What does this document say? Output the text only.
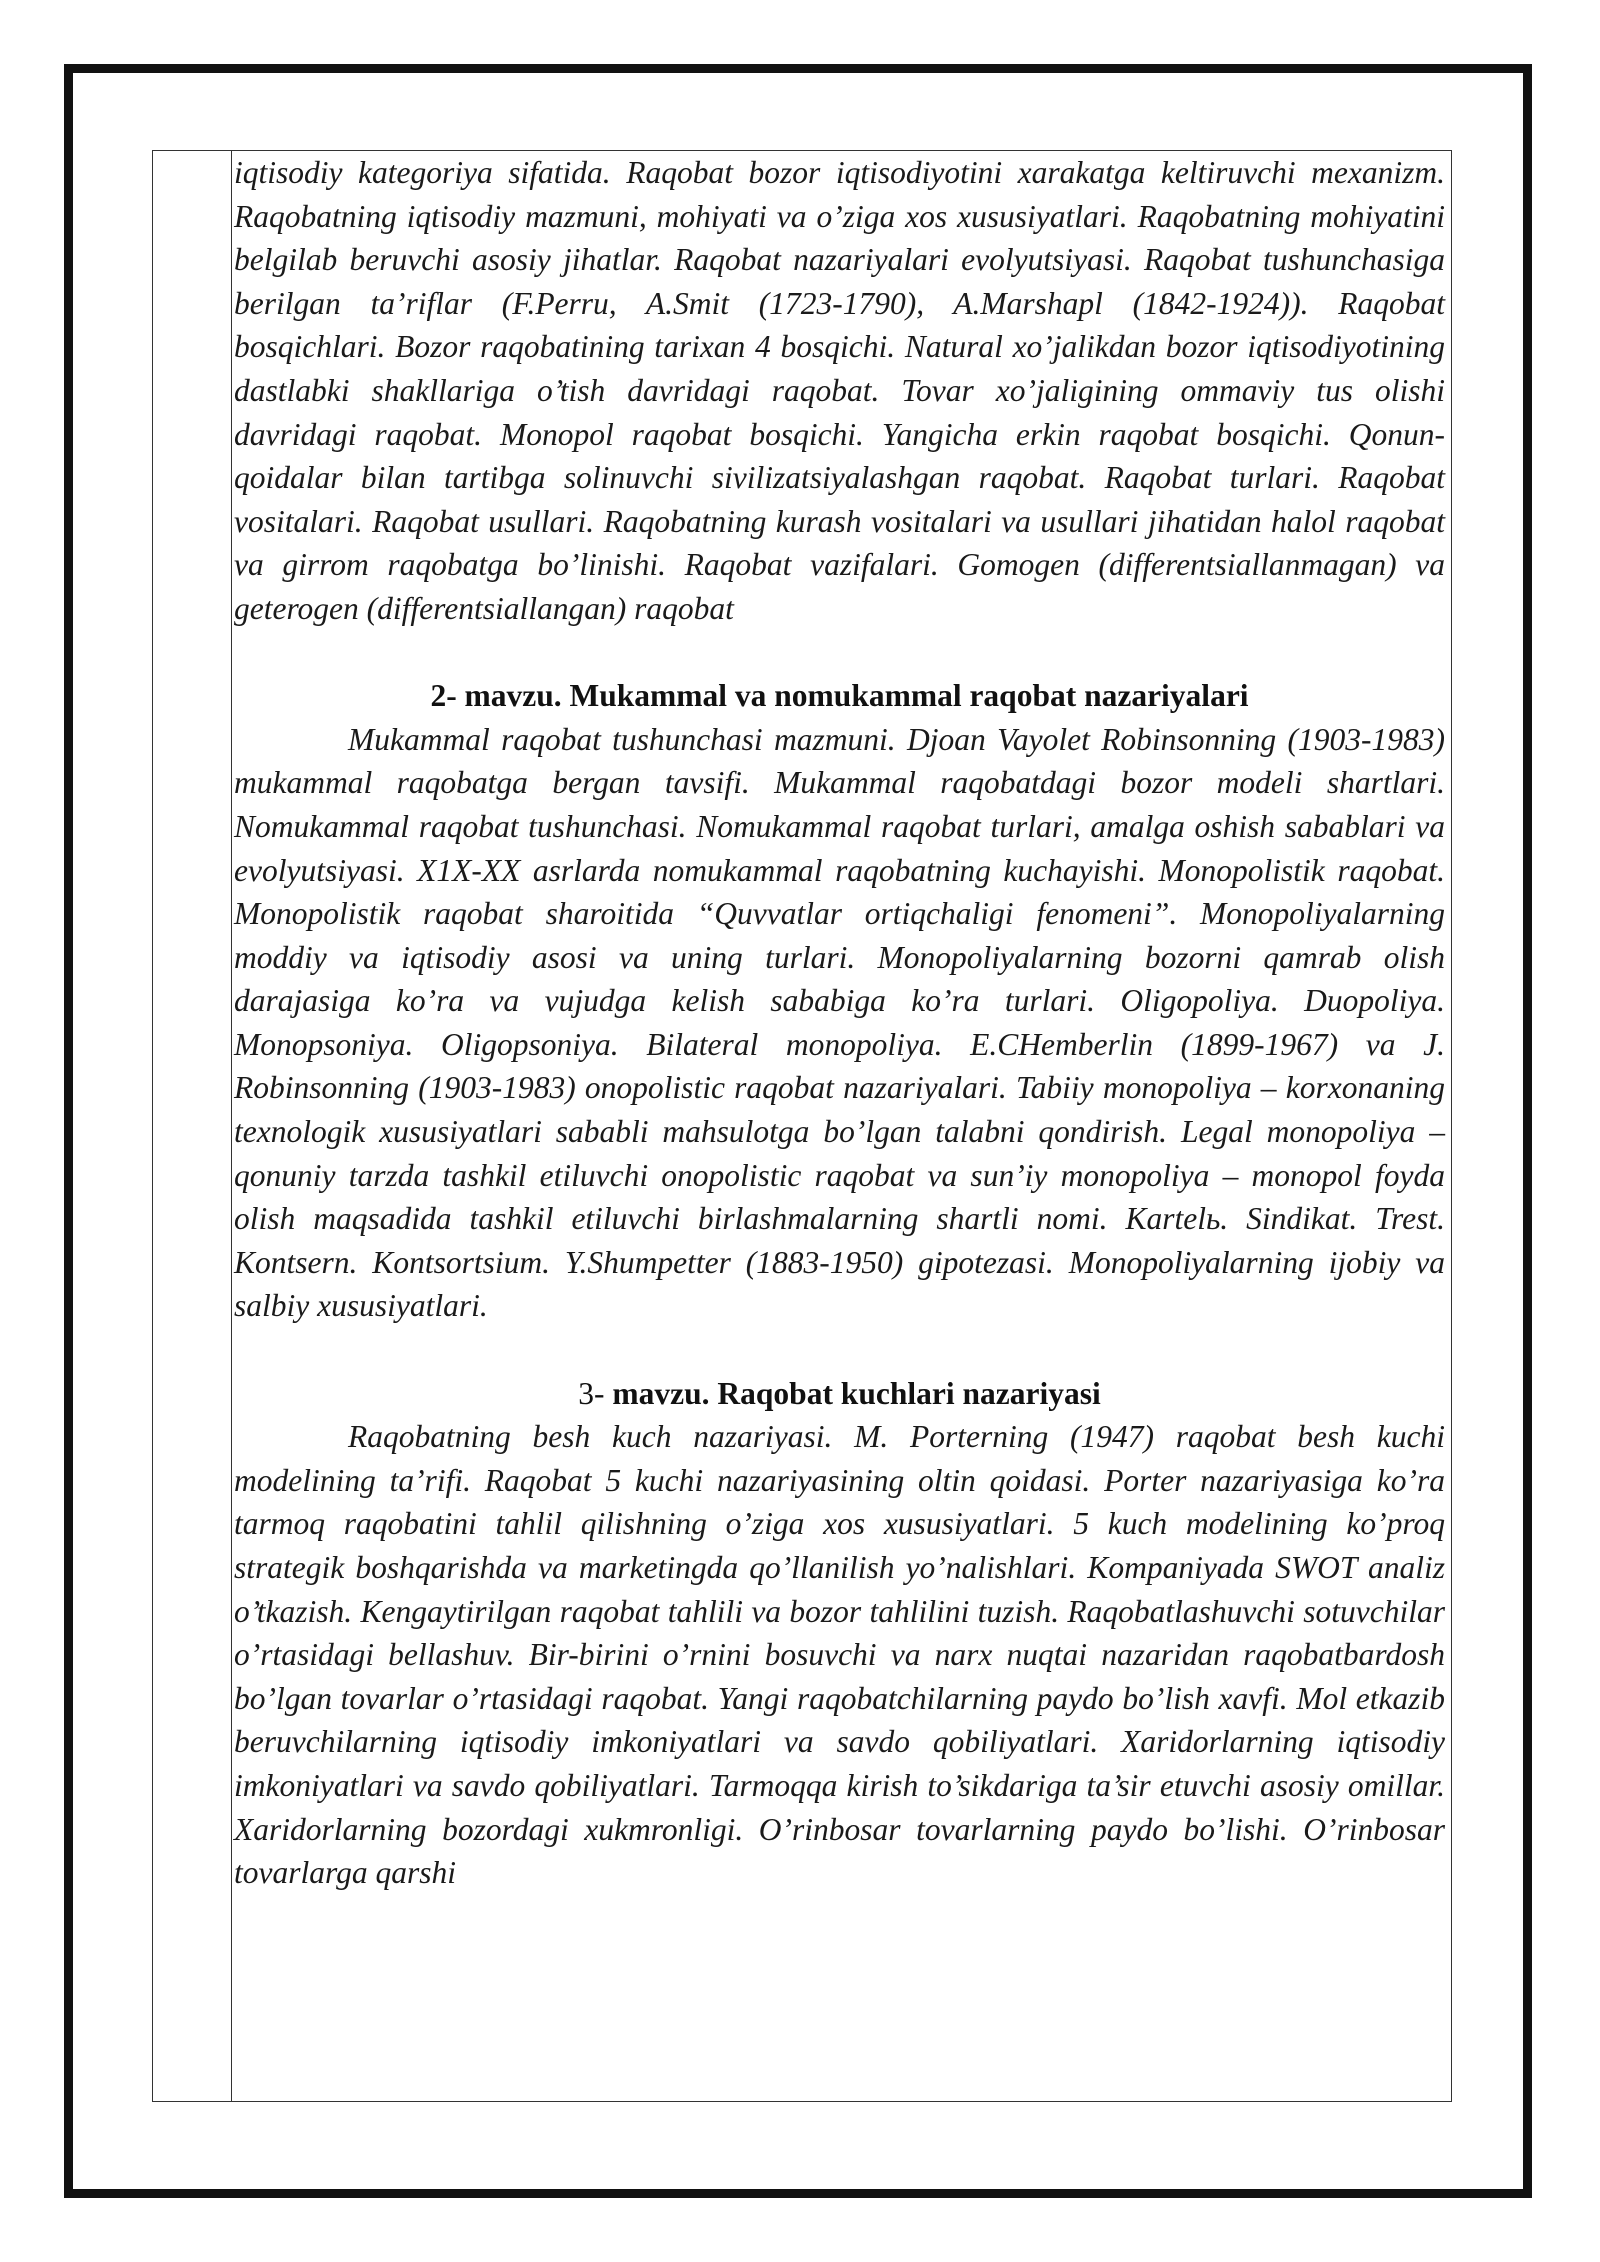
iqtisodiy kategoriya sifatida. Raqobat bozor iqtisodiyotini xarakatga keltiruvchi mexanizm. Raqobatning iqtisodiy mazmuni, mohiyati va o’ziga xos xususiyatlari. Raqobatning mohiyatini belgilab beruvchi asosiy jihatlar. Raqobat nazariyalari evolyutsiyasi. Raqobat tushunchasiga berilgan ta’riflar (F.Perru, A.Smit (1723-1790), A.Marshapl (1842-1924)). Raqobat bosqichlari. Bozor raqobatining tarixan 4 bosqichi. Natural xo’jalikdan bozor iqtisodiyotining dastlabki shakllariga o’tish davridagi raqobat. Tovar xo’jaligining ommaviy tus olishi davridagi raqobat. Monopol raqobat bosqichi. Yangicha erkin raqobat bosqichi. Qonun-qoidalar bilan tartibga solinuvchi sivilizatsiyalashgan raqobat. Raqobat turlari. Raqobat vositalari. Raqobat usullari. Raqobatning kurash vositalari va usullari jihatidan halol raqobat va girrom raqobatga bo’linishi. Raqobat vazifalari. Gomogen (differentsiallanmagan) va geterogen (differentsiallangan) raqobat

2- mavzu. Mukammal va nomukammal raqobat nazariyalari

Mukammal raqobat tushunchasi mazmuni. Djoan Vayolet Robinsonning (1903-1983) mukammal raqobatga bergan tavsifi. Mukammal raqobatdagi bozor modeli shartlari. Nomukammal raqobat tushunchasi. Nomukammal raqobat turlari, amalga oshish sabablari va evolyutsiyasi. X1X-XX asrlarda nomukammal raqobatning kuchayishi. Monopolistik raqobat. Monopolistik raqobat sharoitida “Quvvatlar ortiqchaligi fenomeni”. Monopoliyalarning moddiy va iqtisodiy asosi va uning turlari. Monopoliyalarning bozorni qamrab olish darajasiga ko’ra va vujudga kelish sababiga ko’ra turlari. Oligopoliya. Duopoliya. Monopsoniya. Oligopsoniya. Bilateral monopoliya. E.CHemberlin (1899-1967) va J. Robinsonning (1903-1983) onopolistic raqobat nazariyalari. Tabiiy monopoliya – korxonaning texnologik xususiyatlari sababli mahsulotga bo’lgan talabni qondirish. Legal monopoliya – qonuniy tarzda tashkil etiluvchi onopolistic raqobat va sun’iy monopoliya – monopol foyda olish maqsadida tashkil etiluvchi birlashmalarning shartli nomi. Kartelь. Sindikat. Trest. Kontsern. Kontsortsium. Y.Shumpetter (1883-1950) gipotezasi. Monopoliyalarning ijobiy va salbiy xususiyatlari.

3- mavzu. Raqobat kuchlari nazariyasi

Raqobatning besh kuch nazariyasi. M. Porterning (1947) raqobat besh kuchi modelining ta’rifi. Raqobat 5 kuchi nazariyasining oltin qoidasi. Porter nazariyasiga ko’ra tarmoq raqobatini tahlil qilishning o’ziga xos xususiyatlari. 5 kuch modelining ko’proq strategik boshqarishda va marketingda qo’llanilish yo’nalishlari. Kompaniyada SWOT analiz o’tkazish. Kengaytirilgan raqobat tahlili va bozor tahlilini tuzish. Raqobatlashuvchi sotuvchilar o’rtasidagi bellashuv. Bir-birini o’rnini bosuvchi va narx nuqtai nazaridan raqobatbardosh bo’lgan tovarlar o’rtasidagi raqobat. Yangi raqobatchilarning paydo bo’lish xavfi. Mol etkazib beruvchilarning iqtisodiy imkoniyatlari va savdo qobiliyatlari. Xaridorlarning iqtisodiy imkoniyatlari va savdo qobiliyatlari. Tarmoqqa kirish to’sikdariga ta’sir etuvchi asosiy omillar. Xaridorlarning bozordagi xukmronligi. O’rinbosar tovarlarning paydo bo’lishi. O’rinbosar tovarlarga qarshi
